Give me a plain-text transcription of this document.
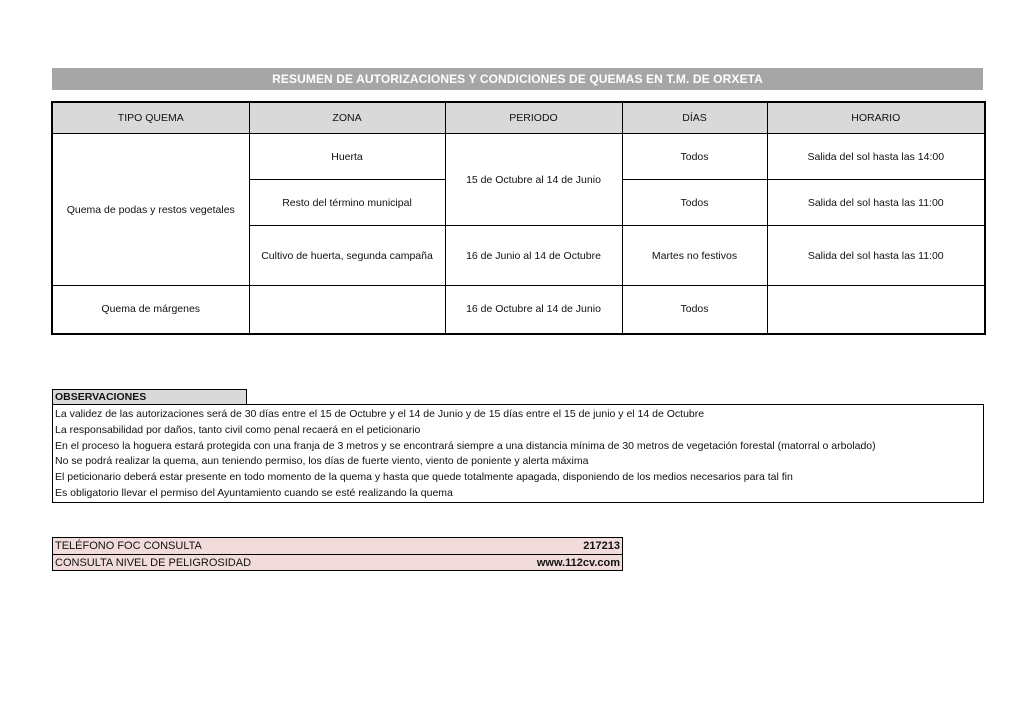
RESUMEN DE AUTORIZACIONES Y CONDICIONES DE QUEMAS EN T.M. DE ORXETA
TIPO QUEMA	ZONA	PERIODO	DÍAS	HORARIO
Quema de podas y restos vegetales	Huerta	15 de Octubre al 14 de Junio	Todos	Salida del sol hasta las 14:00
	Resto del término municipal		Todos	Salida del sol hasta las 11:00
	Cultivo de huerta, segunda campaña	16 de Junio al 14 de Octubre	Martes no festivos	Salida del sol hasta las 11:00
Quema de márgenes		16 de Octubre al 14 de Junio	Todos	
OBSERVACIONES
La validez de las autorizaciones será de 30 días entre el 15 de Octubre y el 14 de Junio y de 15 días entre el 15 de junio y el 14 de Octubre
La responsabilidad por daños, tanto civil como penal recaerá en el peticionario
En el proceso la hoguera estará protegida con una franja de 3 metros y se encontrará siempre a una distancia mínima de 30 metros de vegetación forestal (matorral o arbolado)
No se podrá realizar la quema, aun teniendo permiso, los días de fuerte viento, viento de poniente y alerta máxima
El peticionario deberá estar presente en todo momento de la quema y hasta que quede totalmente apagada, disponiendo de los medios necesarios para tal fin
Es obligatorio llevar el permiso del Ayuntamiento cuando se esté realizando la quema
TELÉFONO FOC CONSULTA	217213
CONSULTA NIVEL DE PELIGROSIDAD	www.112cv.com
